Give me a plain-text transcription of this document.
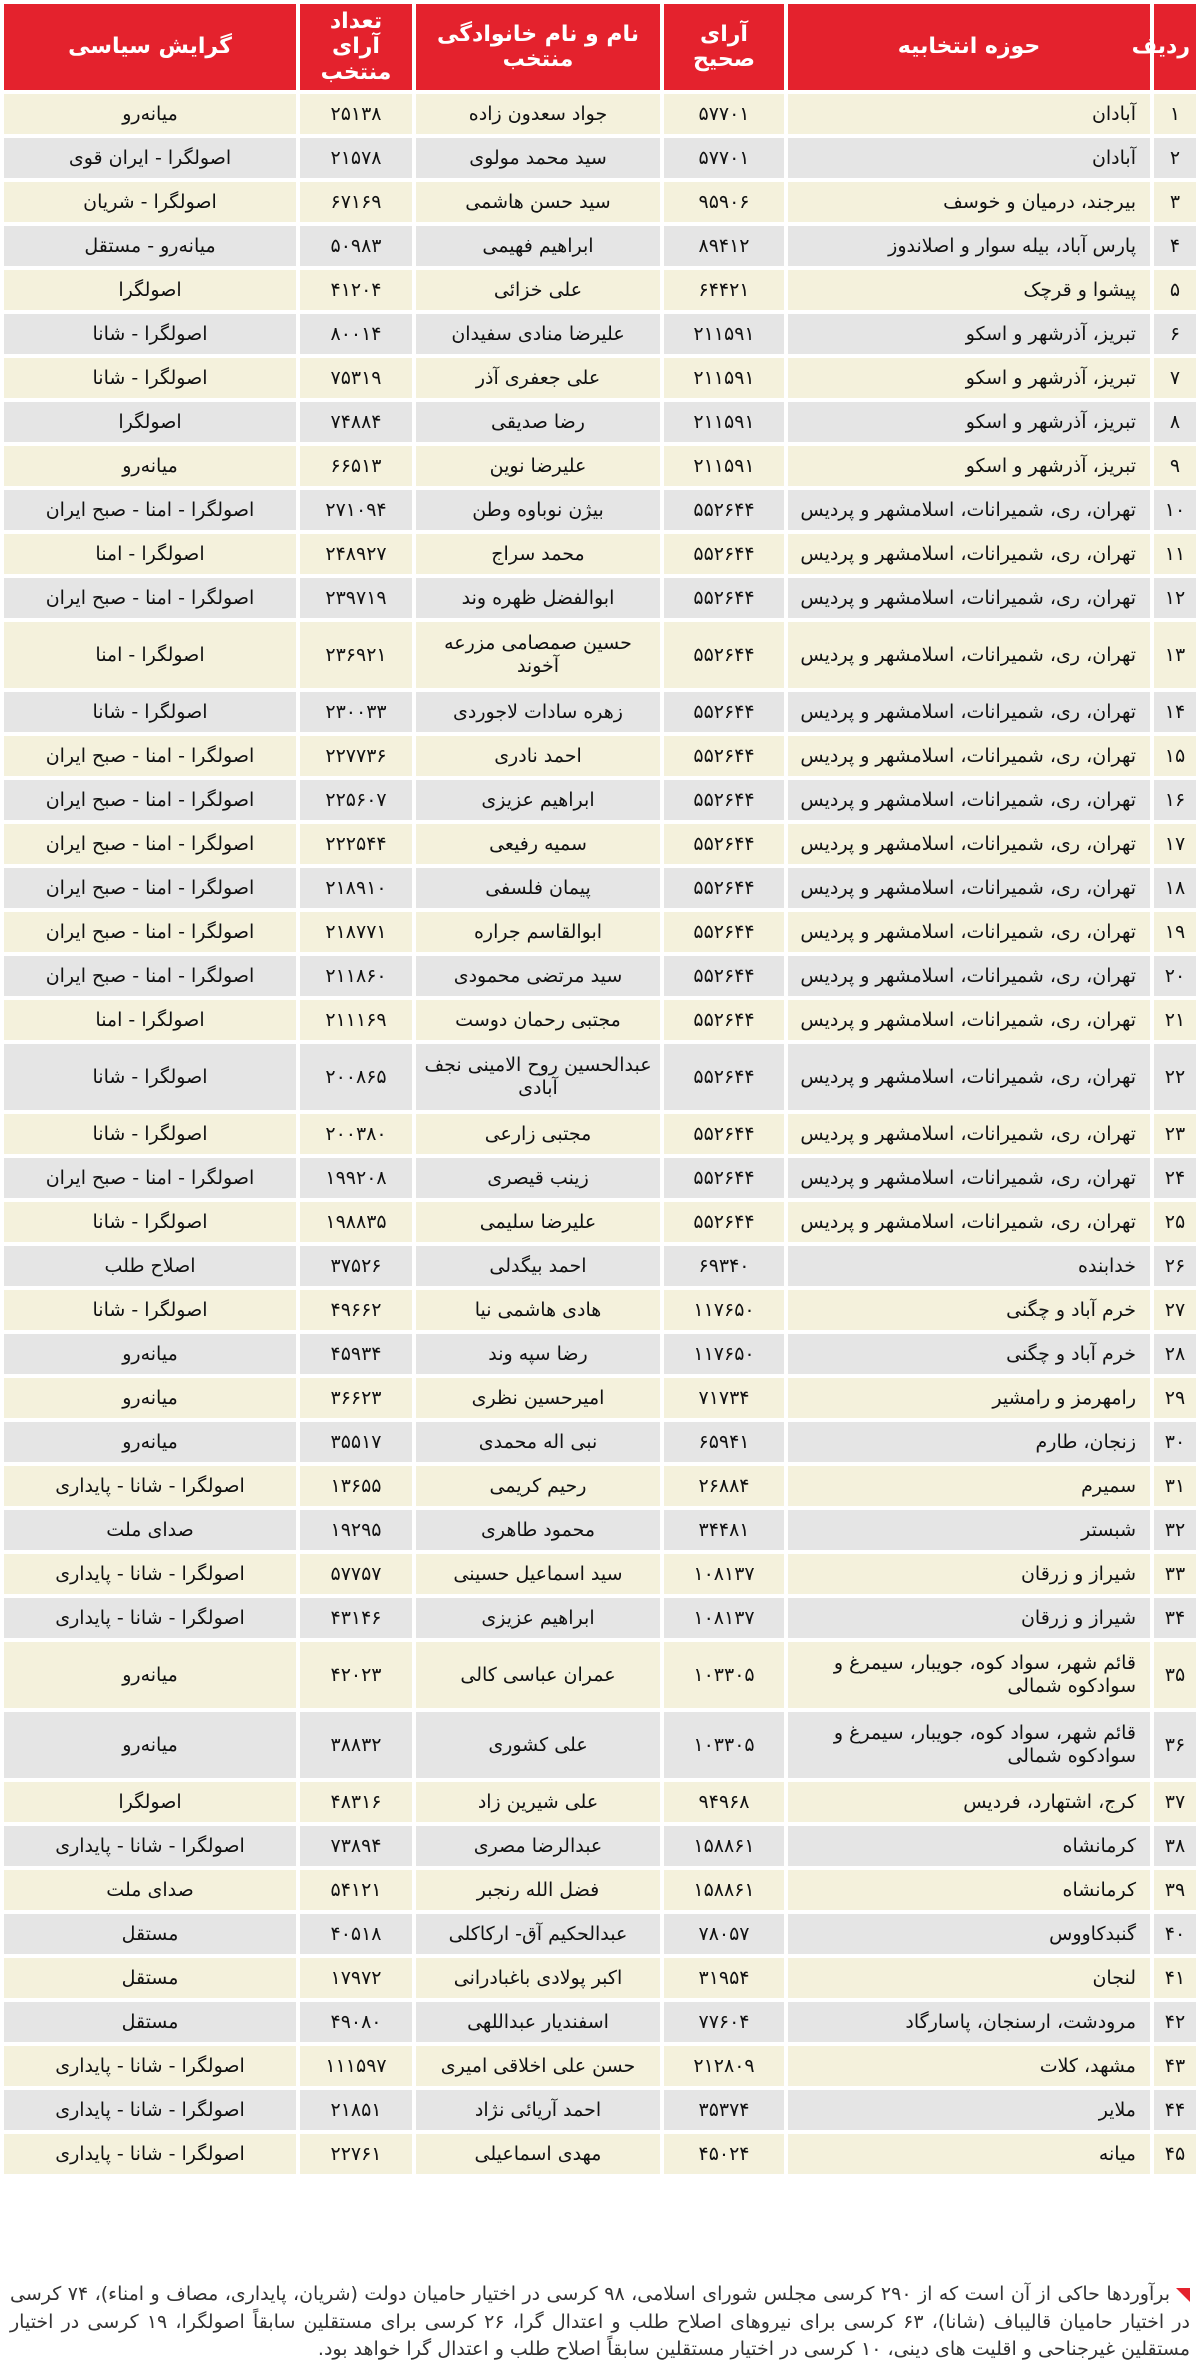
ردیف	حوزه انتخابیه	آرای صحیح	نام و نام خانوادگی منتخب	تعداد آرای منتخب	گرایش سیاسی
۱	آبادان	۵۷۷۰۱	جواد سعدون زاده	۲۵۱۳۸	میانه‌رو
۲	آبادان	۵۷۷۰۱	سید محمد مولوی	۲۱۵۷۸	اصولگرا - ایران قوی
۳	بیرجند، درمیان و خوسف	۹۵۹۰۶	سید حسن هاشمی	۶۷۱۶۹	اصولگرا - شریان
۴	پارس آباد، بیله سوار و اصلاندوز	۸۹۴۱۲	ابراهیم فهیمی	۵۰۹۸۳	میانه‌رو - مستقل
۵	پیشوا و قرچک	۶۴۴۲۱	علی خزائی	۴۱۲۰۴	اصولگرا
۶	تبریز، آذرشهر و اسکو	۲۱۱۵۹۱	علیرضا منادی سفیدان	۸۰۰۱۴	اصولگرا - شانا
۷	تبریز، آذرشهر و اسکو	۲۱۱۵۹۱	علی جعفری آذر	۷۵۳۱۹	اصولگرا - شانا
۸	تبریز، آذرشهر و اسکو	۲۱۱۵۹۱	رضا صدیقی	۷۴۸۸۴	اصولگرا
۹	تبریز، آذرشهر و اسکو	۲۱۱۵۹۱	علیرضا نوین	۶۶۵۱۳	میانه‌رو
۱۰	تهران، ری، شمیرانات، اسلامشهر و پردیس	۵۵۲۶۴۴	بیژن نوباوه وطن	۲۷۱۰۹۴	اصولگرا - امنا - صبح ایران
۱۱	تهران، ری، شمیرانات، اسلامشهر و پردیس	۵۵۲۶۴۴	محمد سراج	۲۴۸۹۲۷	اصولگرا - امنا
۱۲	تهران، ری، شمیرانات، اسلامشهر و پردیس	۵۵۲۶۴۴	ابوالفضل ظهره وند	۲۳۹۷۱۹	اصولگرا - امنا - صبح ایران
۱۳	تهران، ری، شمیرانات، اسلامشهر و پردیس	۵۵۲۶۴۴	حسین صمصامی مزرعه آخوند	۲۳۶۹۲۱	اصولگرا - امنا
۱۴	تهران، ری، شمیرانات، اسلامشهر و پردیس	۵۵۲۶۴۴	زهره سادات لاجوردی	۲۳۰۰۳۳	اصولگرا - شانا
۱۵	تهران، ری، شمیرانات، اسلامشهر و پردیس	۵۵۲۶۴۴	احمد نادری	۲۲۷۷۳۶	اصولگرا - امنا - صبح ایران
۱۶	تهران، ری، شمیرانات، اسلامشهر و پردیس	۵۵۲۶۴۴	ابراهیم عزیزی	۲۲۵۶۰۷	اصولگرا - امنا - صبح ایران
۱۷	تهران، ری، شمیرانات، اسلامشهر و پردیس	۵۵۲۶۴۴	سمیه رفیعی	۲۲۲۵۴۴	اصولگرا - امنا - صبح ایران
۱۸	تهران، ری، شمیرانات، اسلامشهر و پردیس	۵۵۲۶۴۴	پیمان فلسفی	۲۱۸۹۱۰	اصولگرا - امنا - صبح ایران
۱۹	تهران، ری، شمیرانات، اسلامشهر و پردیس	۵۵۲۶۴۴	ابوالقاسم جراره	۲۱۸۷۷۱	اصولگرا - امنا - صبح ایران
۲۰	تهران، ری، شمیرانات، اسلامشهر و پردیس	۵۵۲۶۴۴	سید مرتضی محمودی	۲۱۱۸۶۰	اصولگرا - امنا - صبح ایران
۲۱	تهران، ری، شمیرانات، اسلامشهر و پردیس	۵۵۲۶۴۴	مجتبی رحمان دوست	۲۱۱۱۶۹	اصولگرا - امنا
۲۲	تهران، ری، شمیرانات، اسلامشهر و پردیس	۵۵۲۶۴۴	عبدالحسین روح الامینی نجف آبادی	۲۰۰۸۶۵	اصولگرا - شانا
۲۳	تهران، ری، شمیرانات، اسلامشهر و پردیس	۵۵۲۶۴۴	مجتبی زارعی	۲۰۰۳۸۰	اصولگرا - شانا
۲۴	تهران، ری، شمیرانات، اسلامشهر و پردیس	۵۵۲۶۴۴	زینب قیصری	۱۹۹۲۰۸	اصولگرا - امنا - صبح ایران
۲۵	تهران، ری، شمیرانات، اسلامشهر و پردیس	۵۵۲۶۴۴	علیرضا سلیمی	۱۹۸۸۳۵	اصولگرا - شانا
۲۶	خدابنده	۶۹۳۴۰	احمد بیگدلی	۳۷۵۲۶	اصلاح طلب
۲۷	خرم آباد و چگنی	۱۱۷۶۵۰	هادی هاشمی نیا	۴۹۶۶۲	اصولگرا - شانا
۲۸	خرم آباد و چگنی	۱۱۷۶۵۰	رضا سپه وند	۴۵۹۳۴	میانه‌رو
۲۹	رامهرمز و رامشیر	۷۱۷۳۴	امیرحسین نظری	۳۶۶۲۳	میانه‌رو
۳۰	زنجان، طارم	۶۵۹۴۱	نبی اله محمدی	۳۵۵۱۷	میانه‌رو
۳۱	سمیرم	۲۶۸۸۴	رحیم کریمی	۱۳۶۵۵	اصولگرا - شانا - پایداری
۳۲	شبستر	۳۴۴۸۱	محمود طاهری	۱۹۲۹۵	صدای ملت
۳۳	شیراز و زرقان	۱۰۸۱۳۷	سید اسماعیل حسینی	۵۷۷۵۷	اصولگرا - شانا - پایداری
۳۴	شیراز و زرقان	۱۰۸۱۳۷	ابراهیم عزیزی	۴۳۱۴۶	اصولگرا - شانا - پایداری
۳۵	قائم شهر، سواد کوه، جویبار، سیمرغ و سوادکوه شمالی	۱۰۳۳۰۵	عمران عباسی کالی	۴۲۰۲۳	میانه‌رو
۳۶	قائم شهر، سواد کوه، جویبار، سیمرغ و سوادکوه شمالی	۱۰۳۳۰۵	علی کشوری	۳۸۸۳۲	میانه‌رو
۳۷	کرج، اشتهارد، فردیس	۹۴۹۶۸	علی شیرین زاد	۴۸۳۱۶	اصولگرا
۳۸	کرمانشاه	۱۵۸۸۶۱	عبدالرضا مصری	۷۳۸۹۴	اصولگرا - شانا - پایداری
۳۹	کرمانشاه	۱۵۸۸۶۱	فضل الله رنجبر	۵۴۱۲۱	صدای ملت
۴۰	گنبدکاووس	۷۸۰۵۷	عبدالحکیم آق- ارکاکلی	۴۰۵۱۸	مستقل
۴۱	لنجان	۳۱۹۵۴	اکبر پولادی باغبادرانی	۱۷۹۷۲	مستقل
۴۲	مرودشت، ارسنجان، پاسارگاد	۷۷۶۰۴	اسفندیار عبداللهی	۴۹۰۸۰	مستقل
۴۳	مشهد، کلات	۲۱۲۸۰۹	حسن علی اخلاقی امیری	۱۱۱۵۹۷	اصولگرا - شانا - پایداری
۴۴	ملایر	۳۵۳۷۴	احمد آریائی نژاد	۲۱۸۵۱	اصولگرا - شانا - پایداری
۴۵	میانه	۴۵۰۲۴	مهدی اسماعیلی	۲۲۷۶۱	اصولگرا - شانا - پایداری

برآوردها حاکی از آن است که از ۲۹۰ کرسی مجلس شورای اسلامی، ۹۸ کرسی در اختیار حامیان دولت (شریان، پایداری، مصاف و امناء)، ۷۴ کرسی در اختیار حامیان قالیباف (شانا)، ۶۳ کرسی برای نیروهای اصلاح طلب و اعتدال گرا، ۲۶ کرسی برای مستقلین سابقاً اصولگرا، ۱۹ کرسی در اختیار مستقلین غیرجناحی و اقلیت های دینی، ۱۰ کرسی در اختیار مستقلین سابقاً اصلاح طلب و اعتدال گرا خواهد بود.
